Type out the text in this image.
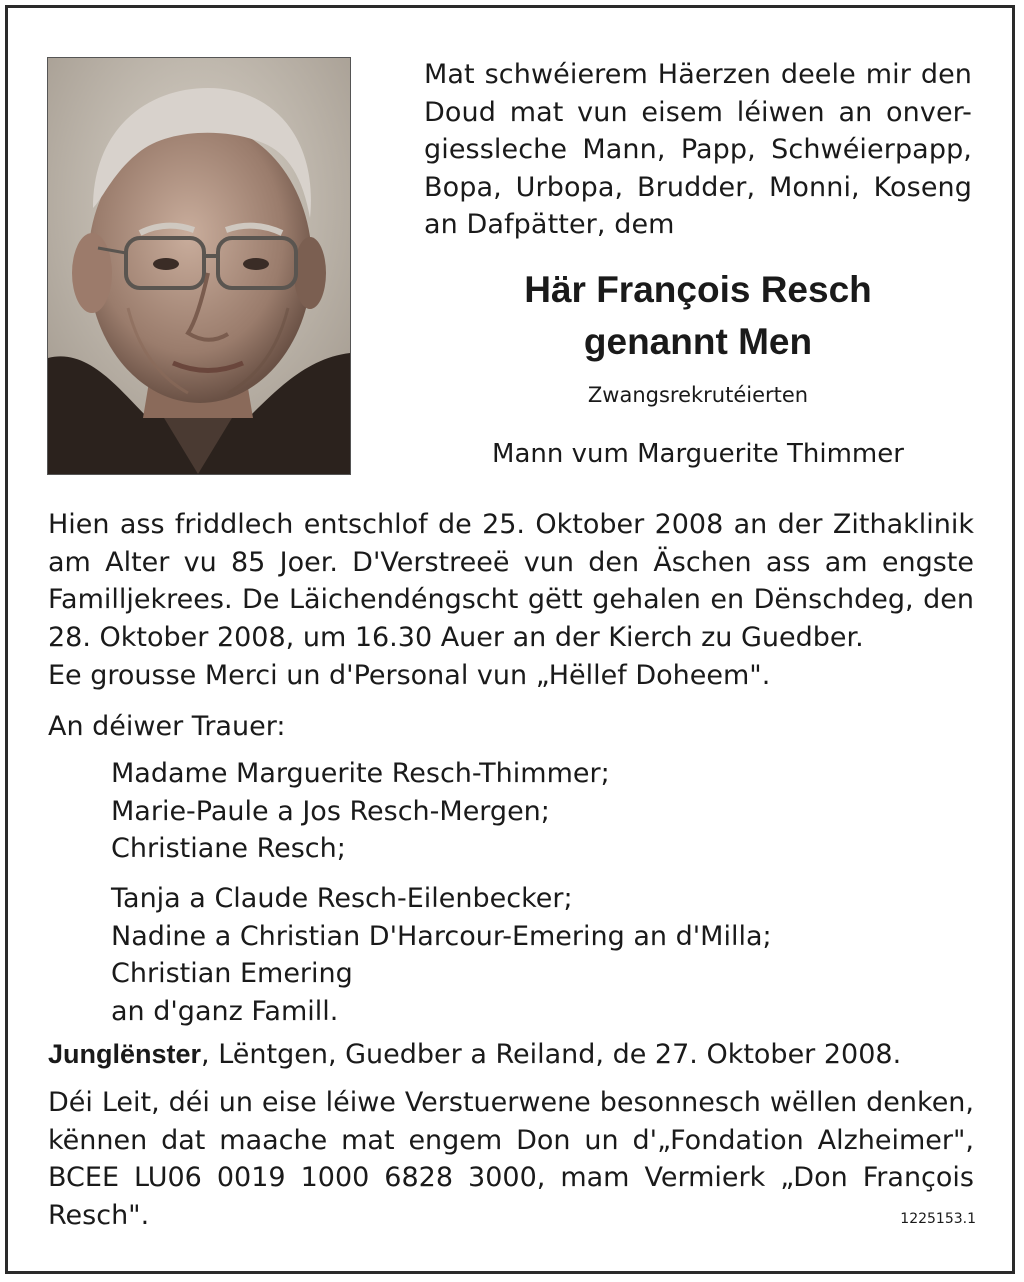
Mat schwéierem Häerzen deele mir den
Doud mat vun eisem léiwen an onver-
giessleche Mann, Papp, Schwéierpapp,
Bopa, Urbopa, Brudder, Monni, Koseng
an Dafpätter, dem
Här François Resch
genannt Men
Zwangsrekrutéierten
Mann vum Marguerite Thimmer
Hien ass friddlech entschlof de 25. Oktober 2008 an der Zithaklinik
am Alter vu 85 Joer. D'Verstreeë vun den Äschen ass am engste
Familljekrees. De Läichendéngscht gëtt gehalen en Dënschdeg, den
28. Oktober 2008, um 16.30 Auer an der Kierch zu Guedber.
Ee grousse Merci un d'Personal vun „Hëllef Doheem".
An déiwer Trauer:
Madame Marguerite Resch-Thimmer;
Marie-Paule a Jos Resch-Mergen;
Christiane Resch;
Tanja a Claude Resch-Eilenbecker;
Nadine a Christian D'Harcour-Emering an d'Milla;
Christian Emering
an d'ganz Famill.
Junglënster, Lëntgen, Guedber a Reiland, de 27. Oktober 2008.
Déi Leit, déi un eise léiwe Verstuerwene besonnesch wëllen denken,
kënnen dat maache mat engem Don un d'„Fondation Alzheimer",
BCEE LU06 0019 1000 6828 3000, mam Vermierk „Don François
Resch".	1225153.1
